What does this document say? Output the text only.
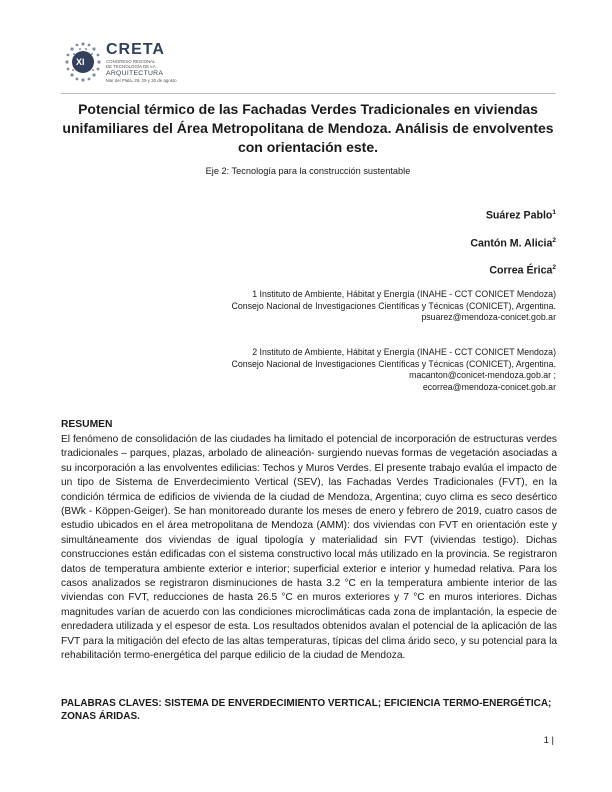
XI
CRETA
CONGRESO REGIONAL
DE TECNOLOGÍA DE LA
ARQUITECTURA
Mar del Plata, 28, 29 y 30 de agosto
Potencial térmico de las Fachadas Verdes Tradicionales en viviendas unifamiliares del Área Metropolitana de Mendoza. Análisis de envolventes con orientación este.
Eje 2: Tecnología para la construcción sustentable
Suárez Pablo$^1$
Cantón M. Alicia$^2$
Correa Érica$^2$
1 Instituto de Ambiente, Hábitat y Energía (INAHE - CCT CONICET Mendoza)
Consejo Nacional de Investigaciones Científicas y Técnicas (CONICET), Argentina.
psuarez@mendoza-conicet.gob.ar
2 Instituto de Ambiente, Hábitat y Energía (INAHE - CCT CONICET Mendoza)
Consejo Nacional de Investigaciones Científicas y Técnicas (CONICET), Argentina.
macanton@conicet-mendoza.gob.ar ;
ecorrea@mendoza-conicet.gob.ar
RESUMEN

El fenómeno de consolidación de las ciudades ha limitado el potencial de incorporación de estructuras verdes tradicionales – parques, plazas, arbolado de alineación- surgiendo nuevas formas de vegetación asociadas a su incorporación a las envolventes edilicias: Techos y Muros Verdes. El presente trabajo evalúa el impacto de un tipo de Sistema de Enverdecimiento Vertical (SEV), las Fachadas Verdes Tradicionales (FVT), en la condición térmica de edificios de vivienda de la ciudad de Mendoza, Argentina; cuyo clima es seco desértico (BWk - Köppen-Geiger). Se han monitoreado durante los meses de enero y febrero de 2019, cuatro casos de estudio ubicados en el área metropolitana de Mendoza (AMM): dos viviendas con FVT en orientación este y simultáneamente dos viviendas de igual tipología y materialidad sin FVT (viviendas testigo). Dichas construcciones están edificadas con el sistema constructivo local más utilizado en la provincia. Se registraron datos de temperatura ambiente exterior e interior; superficial exterior e interior y humedad relativa. Para los casos analizados se registraron disminuciones de hasta 3.2 °C en la temperatura ambiente interior de las viviendas con FVT, reducciones de hasta 26.5 °C en muros exteriores y 7 °C en muros interiores. Dichas magnitudes varían de acuerdo con las condiciones microclimáticas cada zona de implantación, la especie de enredadera utilizada y el espesor de esta. Los resultados obtenidos avalan el potencial de la aplicación de las FVT para la mitigación del efecto de las altas temperaturas, típicas del clima árido seco, y su potencial para la rehabilitación termo-energética del parque edilicio de la ciudad de Mendoza.

PALABRAS CLAVES: SISTEMA DE ENVERDECIMIENTO VERTICAL; EFICIENCIA TERMO-ENERGÉTICA; ZONAS ÁRIDAS.
1 |
